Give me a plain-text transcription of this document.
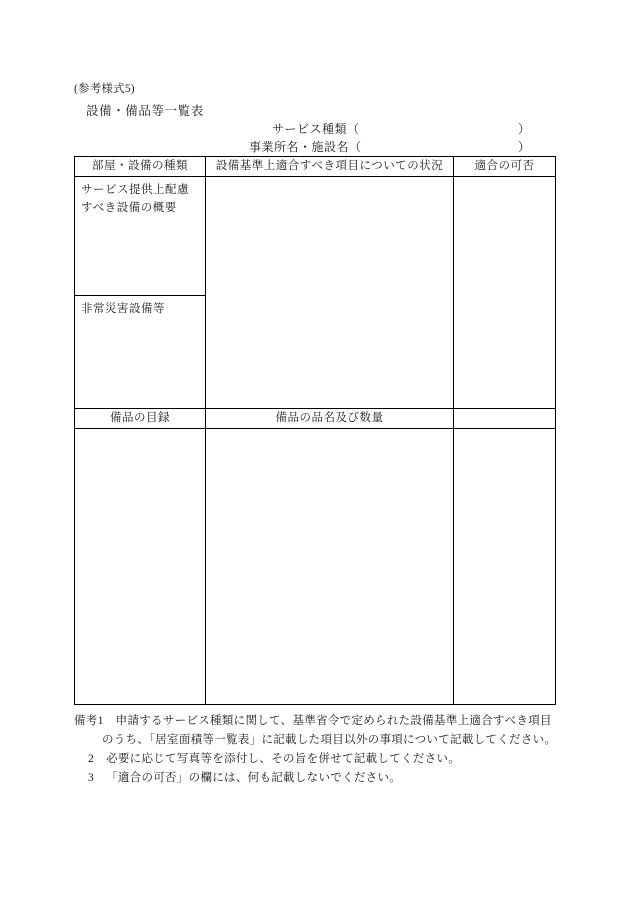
(参考様式5)
設備・備品等一覧表
サービス種類（	）
事業所名・施設名（	）
部屋・設備の種類	設備基準上適合すべき項目についての状況	適合の可否

サービス提供上配慮
すべき設備の概要		

非常災害設備等		

備品の目録	備品の品名及び数量	

備考1 申請するサービス種類に関して、基準省令で定められた設備基準上適合すべき項目
のうち、「居室面積等一覧表」に記載した項目以外の事項について記載してください。
2 必要に応じて写真等を添付し、その旨を併せて記載してください。
3 「適合の可否」の欄には、何も記載しないでください。
